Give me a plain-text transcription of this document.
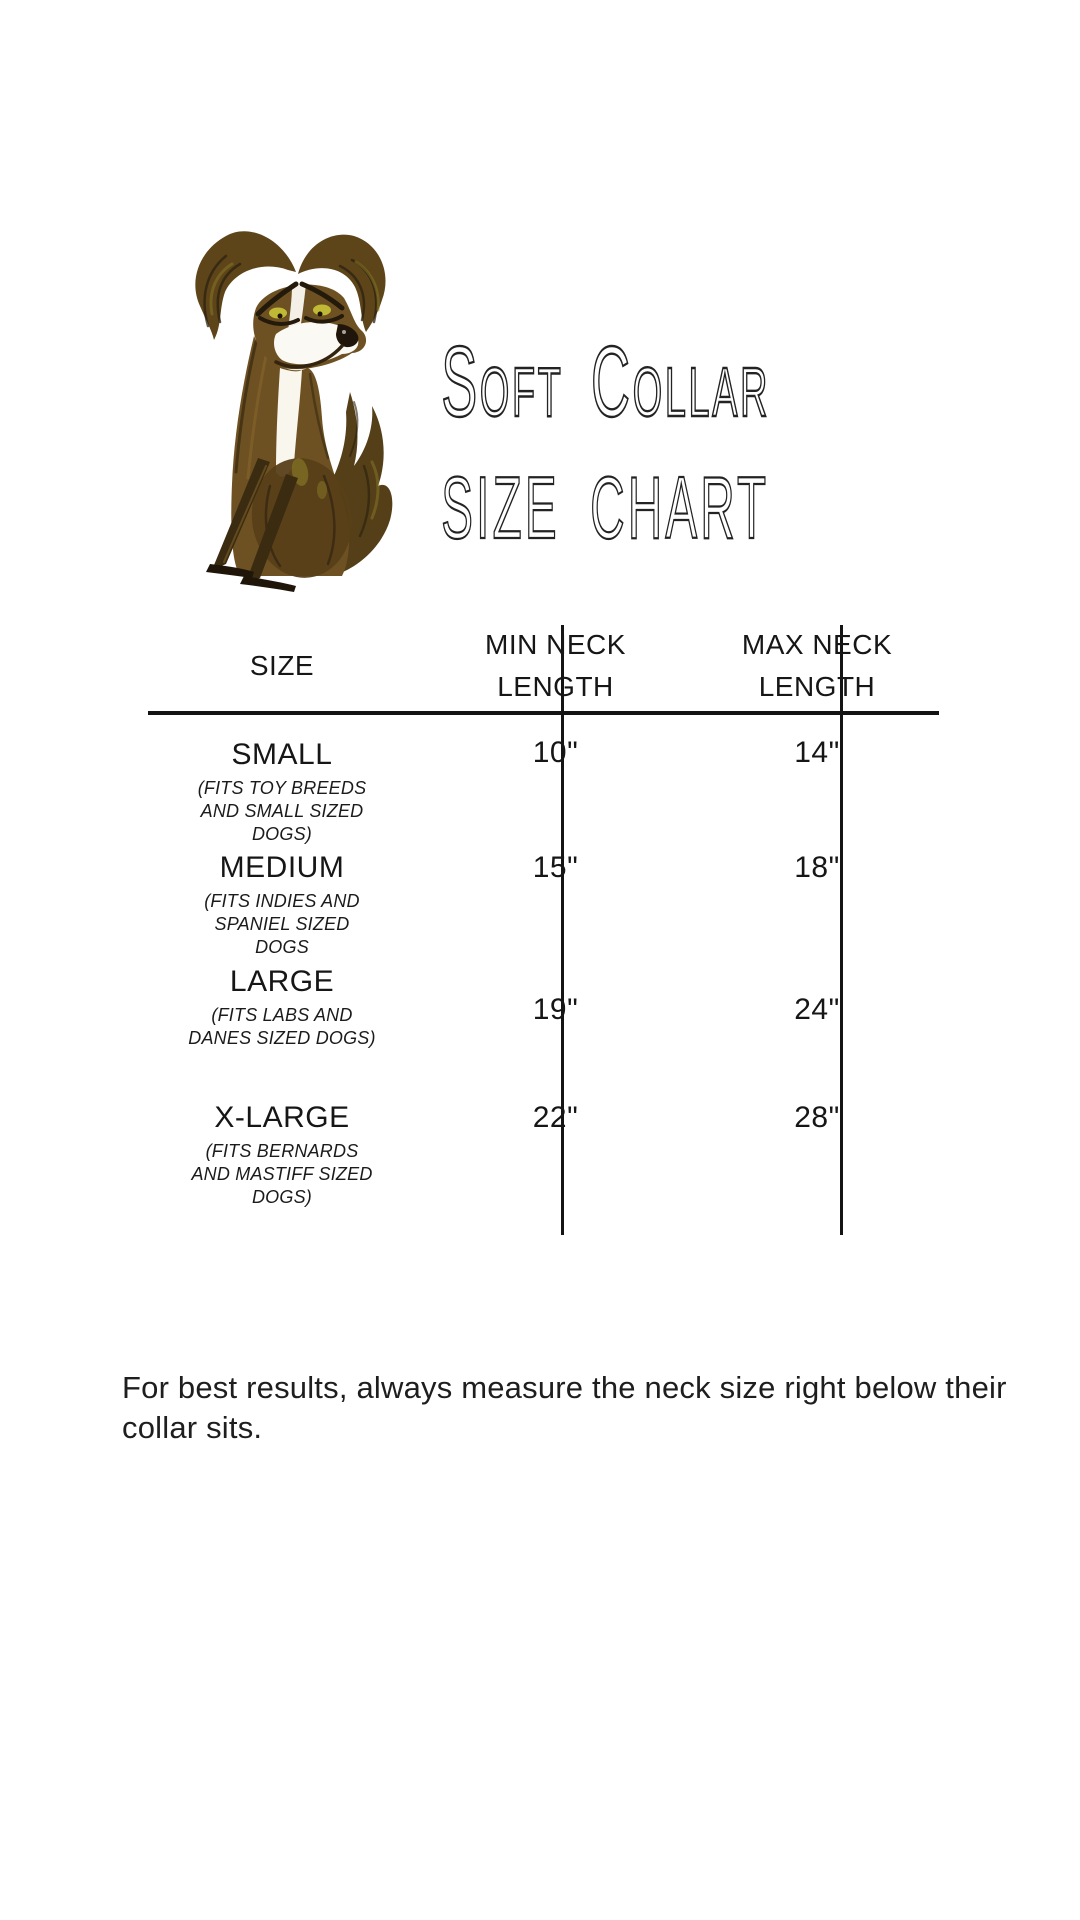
Soft Collar
SIZE CHART
SIZE
MIN NECK LENGTH
MAX NECK LENGTH
SMALL
(FITS TOY BREEDS AND SMALL SIZED DOGS)
10"	14"
MEDIUM
(FITS INDIES AND SPANIEL SIZED DOGS
15"	18"
LARGE
(FITS LABS AND DANES SIZED DOGS)
19"	24"
X-LARGE
(FITS BERNARDS AND MASTIFF SIZED DOGS)
22"	28"

For best results, always measure the neck size right below their collar sits.
